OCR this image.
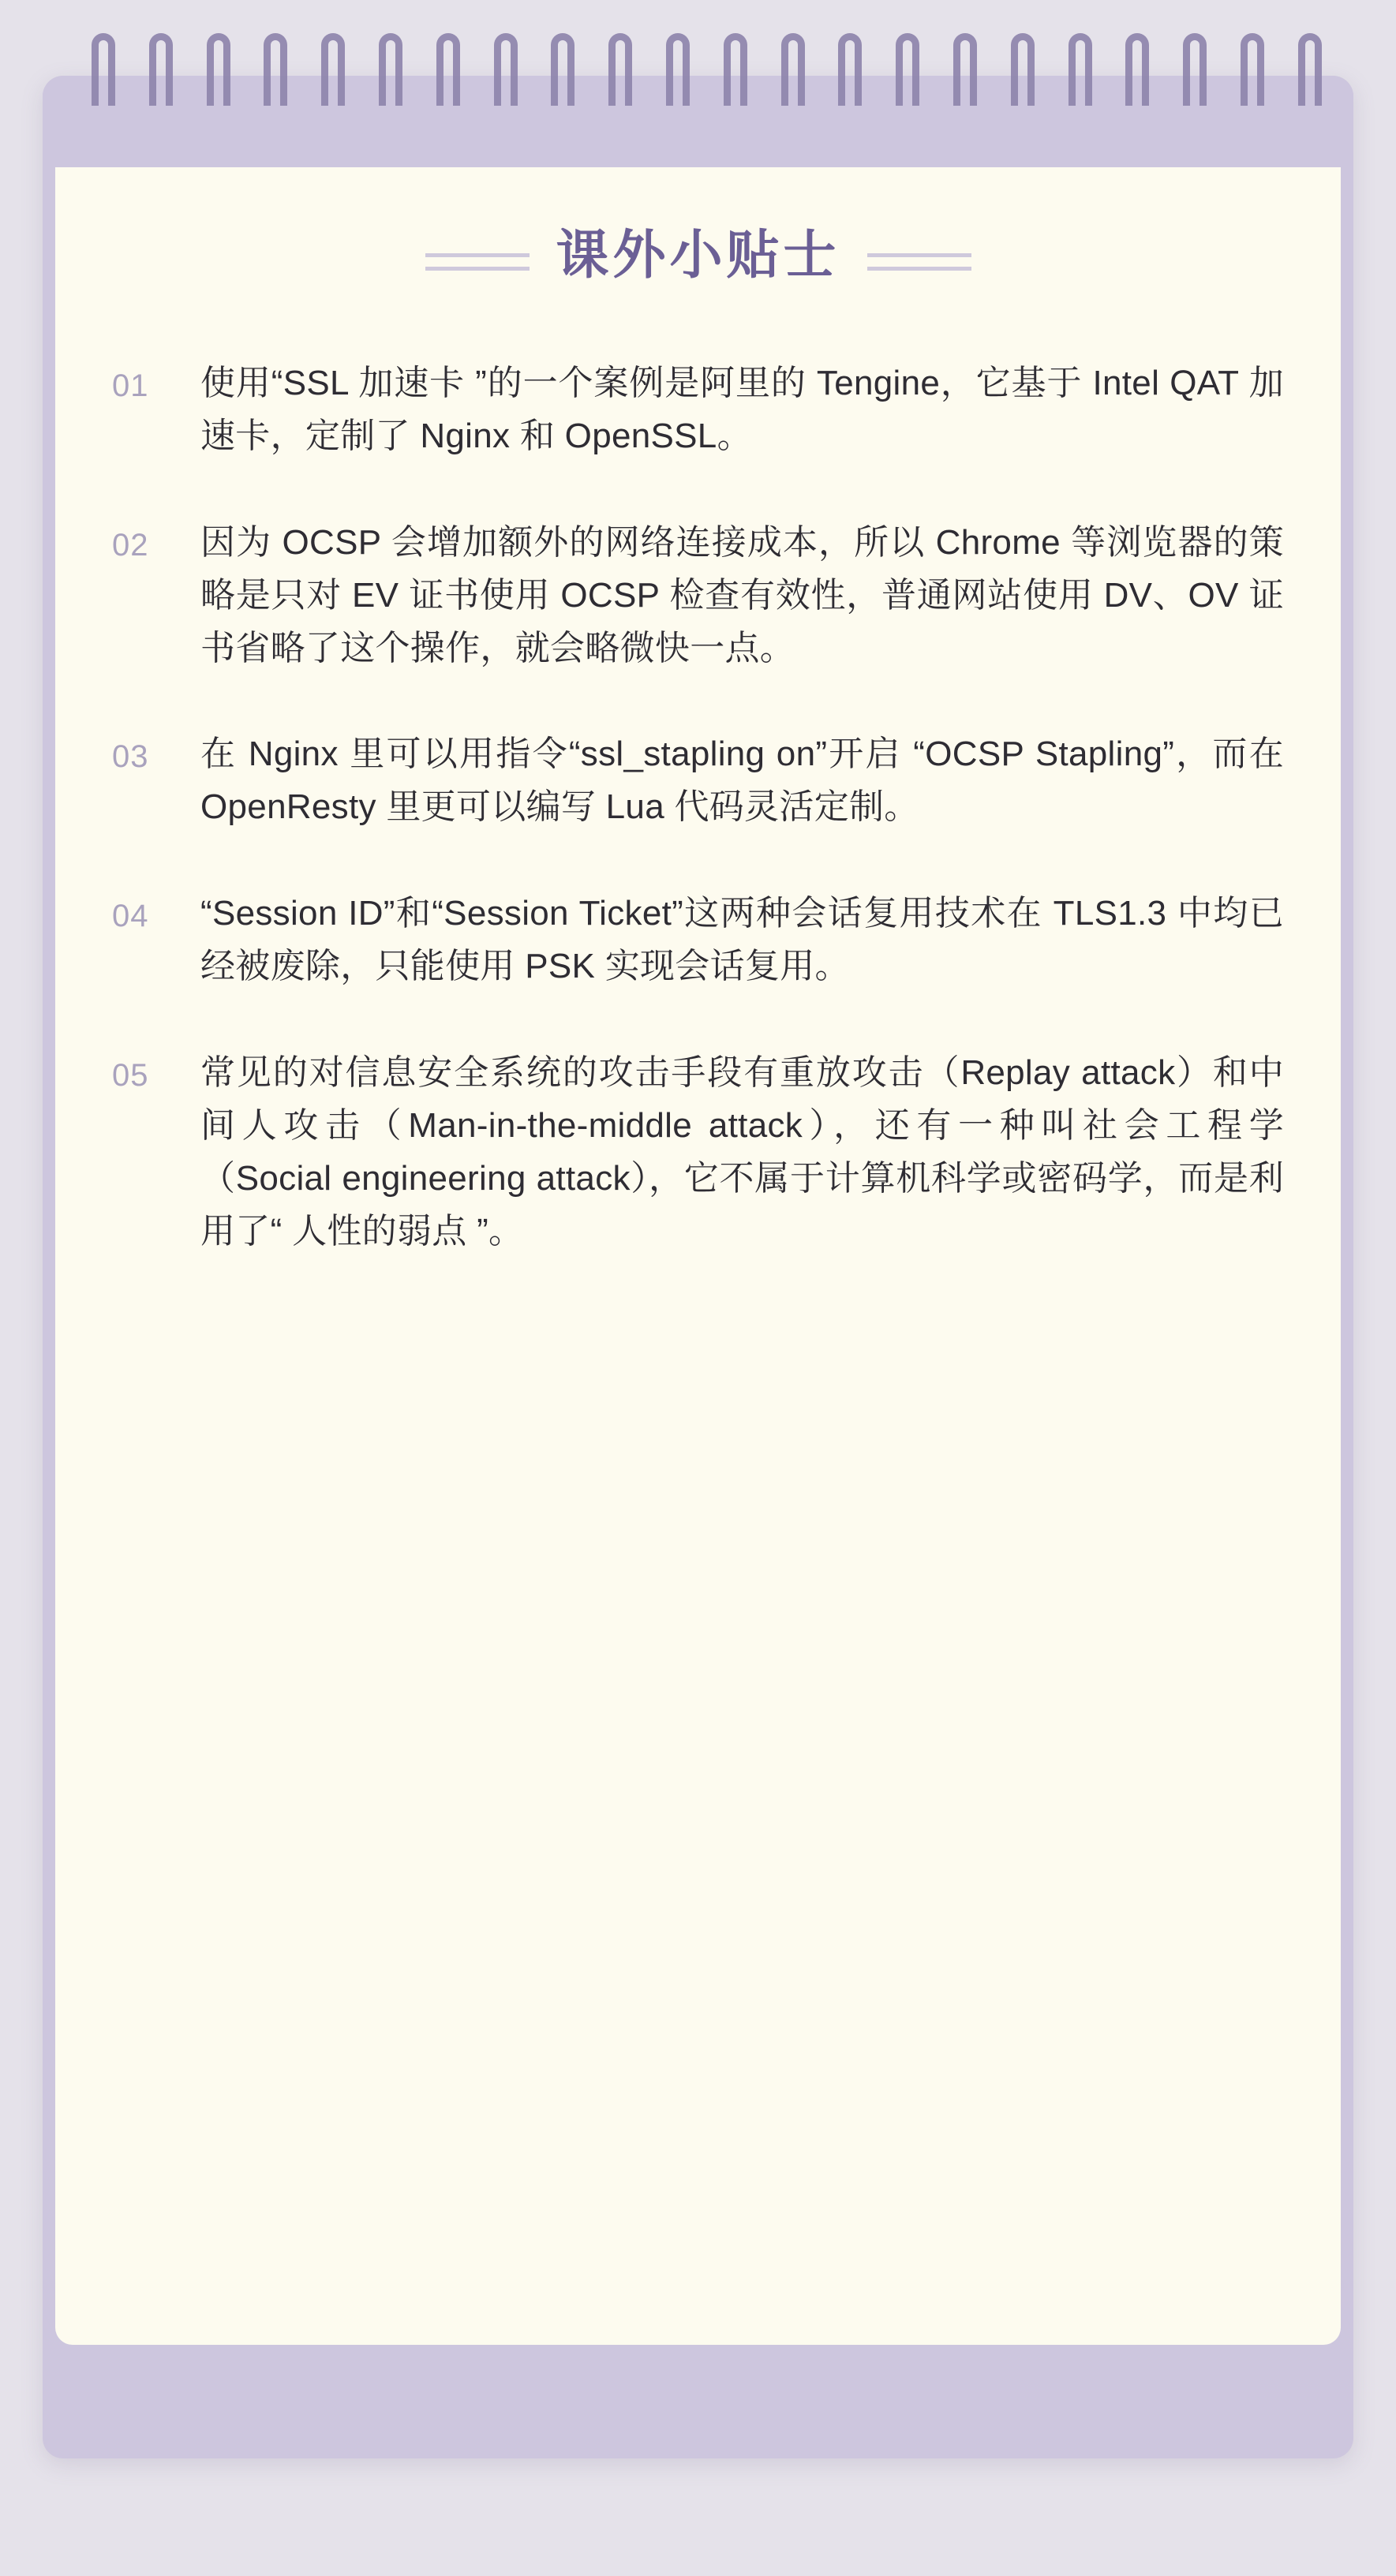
课外小贴士
01	使用“SSL 加速卡 ”的一个案例是阿里的 Tengine，它基于 Intel QAT 加速卡，定制了 Nginx 和 OpenSSL。
02	因为 OCSP 会增加额外的网络连接成本，所以 Chrome 等浏览器的策略是只对 EV 证书使用 OCSP 检查有效性，普通网站使用 DV、OV 证书省略了这个操作，就会略微快一点。
03	在 Nginx 里可以用指令“ssl_stapling on”开启 “OCSP Stapling”，而在 OpenResty 里更可以编写 Lua 代码灵活定制。
04	“Session ID”和“Session Ticket”这两种会话复用技术在 TLS1.3 中均已经被废除，只能使用 PSK 实现会话复用。
05	常见的对信息安全系统的攻击手段有重放攻击（Replay attack）和中间人攻击（Man-in-the-middle attack），还有一种叫社会工程学（Social engineering attack），它不属于计算机科学或密码学，而是利用了“ 人性的弱点 ”。
